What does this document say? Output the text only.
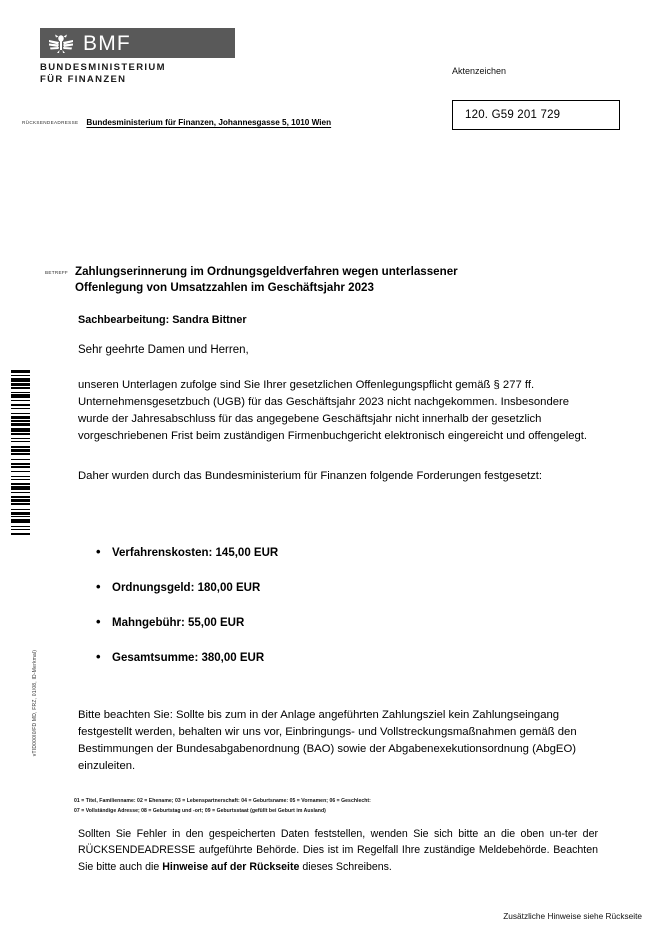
BMF
BUNDESMINISTERIUM
FÜR FINANZEN
RÜCKSENDEADRESSE Bundesministerium für Finanzen, Johannesgasse 5, 1010 Wien
Aktenzeichen
120. G59 201 729
vTID000I0/FD MD, FRZ, 01/08, ID-Merkmal)
BETREFF Zahlungserinnerung im Ordnungsgeldverfahren wegen unterlassener
Offenlegung von Umsatzzahlen im Geschäftsjahr 2023
Sachbearbeitung: Sandra Bittner
Sehr geehrte Damen und Herren,
unseren Unterlagen zufolge sind Sie Ihrer gesetzlichen Offenlegungspflicht gemäß § 277 ff. Unternehmensgesetzbuch (UGB) für das Geschäftsjahr 2023 nicht nachgekommen. Insbesondere wurde der Jahresabschluss für das angegebene Geschäftsjahr nicht innerhalb der gesetzlich vorgeschriebenen Frist beim zuständigen Firmenbuchgericht elektronisch eingereicht und offengelegt.
Daher wurden durch das Bundesministerium für Finanzen folgende Forderungen festgesetzt:
• Verfahrenskosten: 145,00 EUR
• Ordnungsgeld: 180,00 EUR
• Mahngebühr: 55,00 EUR
• Gesamtsumme: 380,00 EUR
Bitte beachten Sie: Sollte bis zum in der Anlage angeführten Zahlungsziel kein Zahlungseingang festgestellt werden, behalten wir uns vor, Einbringungs- und Vollstreckungsmaßnahmen gemäß den Bestimmungen der Bundesabgabenordnung (BAO) sowie der Abgabenexekutionsordnung (AbgEO) einzuleiten.
01 = Titel, Familienname: 02 = Ehename; 03 = Lebenspartnerschaft: 04 = Geburtsname: 05 = Vornamen; 06 = Geschlecht:
07 = Vollständige Adresse; 08 = Geburtstag und -ort; 09 = Geburtsstaat (gefüllt bei Geburt im Ausland)
Sollten Sie Fehler in den gespeicherten Daten feststellen, wenden Sie sich bitte an die oben un-ter der RÜCKSENDEADRESSE aufgeführte Behörde. Dies ist im Regelfall Ihre zuständige Meldebehörde. Beachten Sie bitte auch die Hinweise auf der Rückseite dieses Schreibens.
Zusätzliche Hinweise siehe Rückseite
